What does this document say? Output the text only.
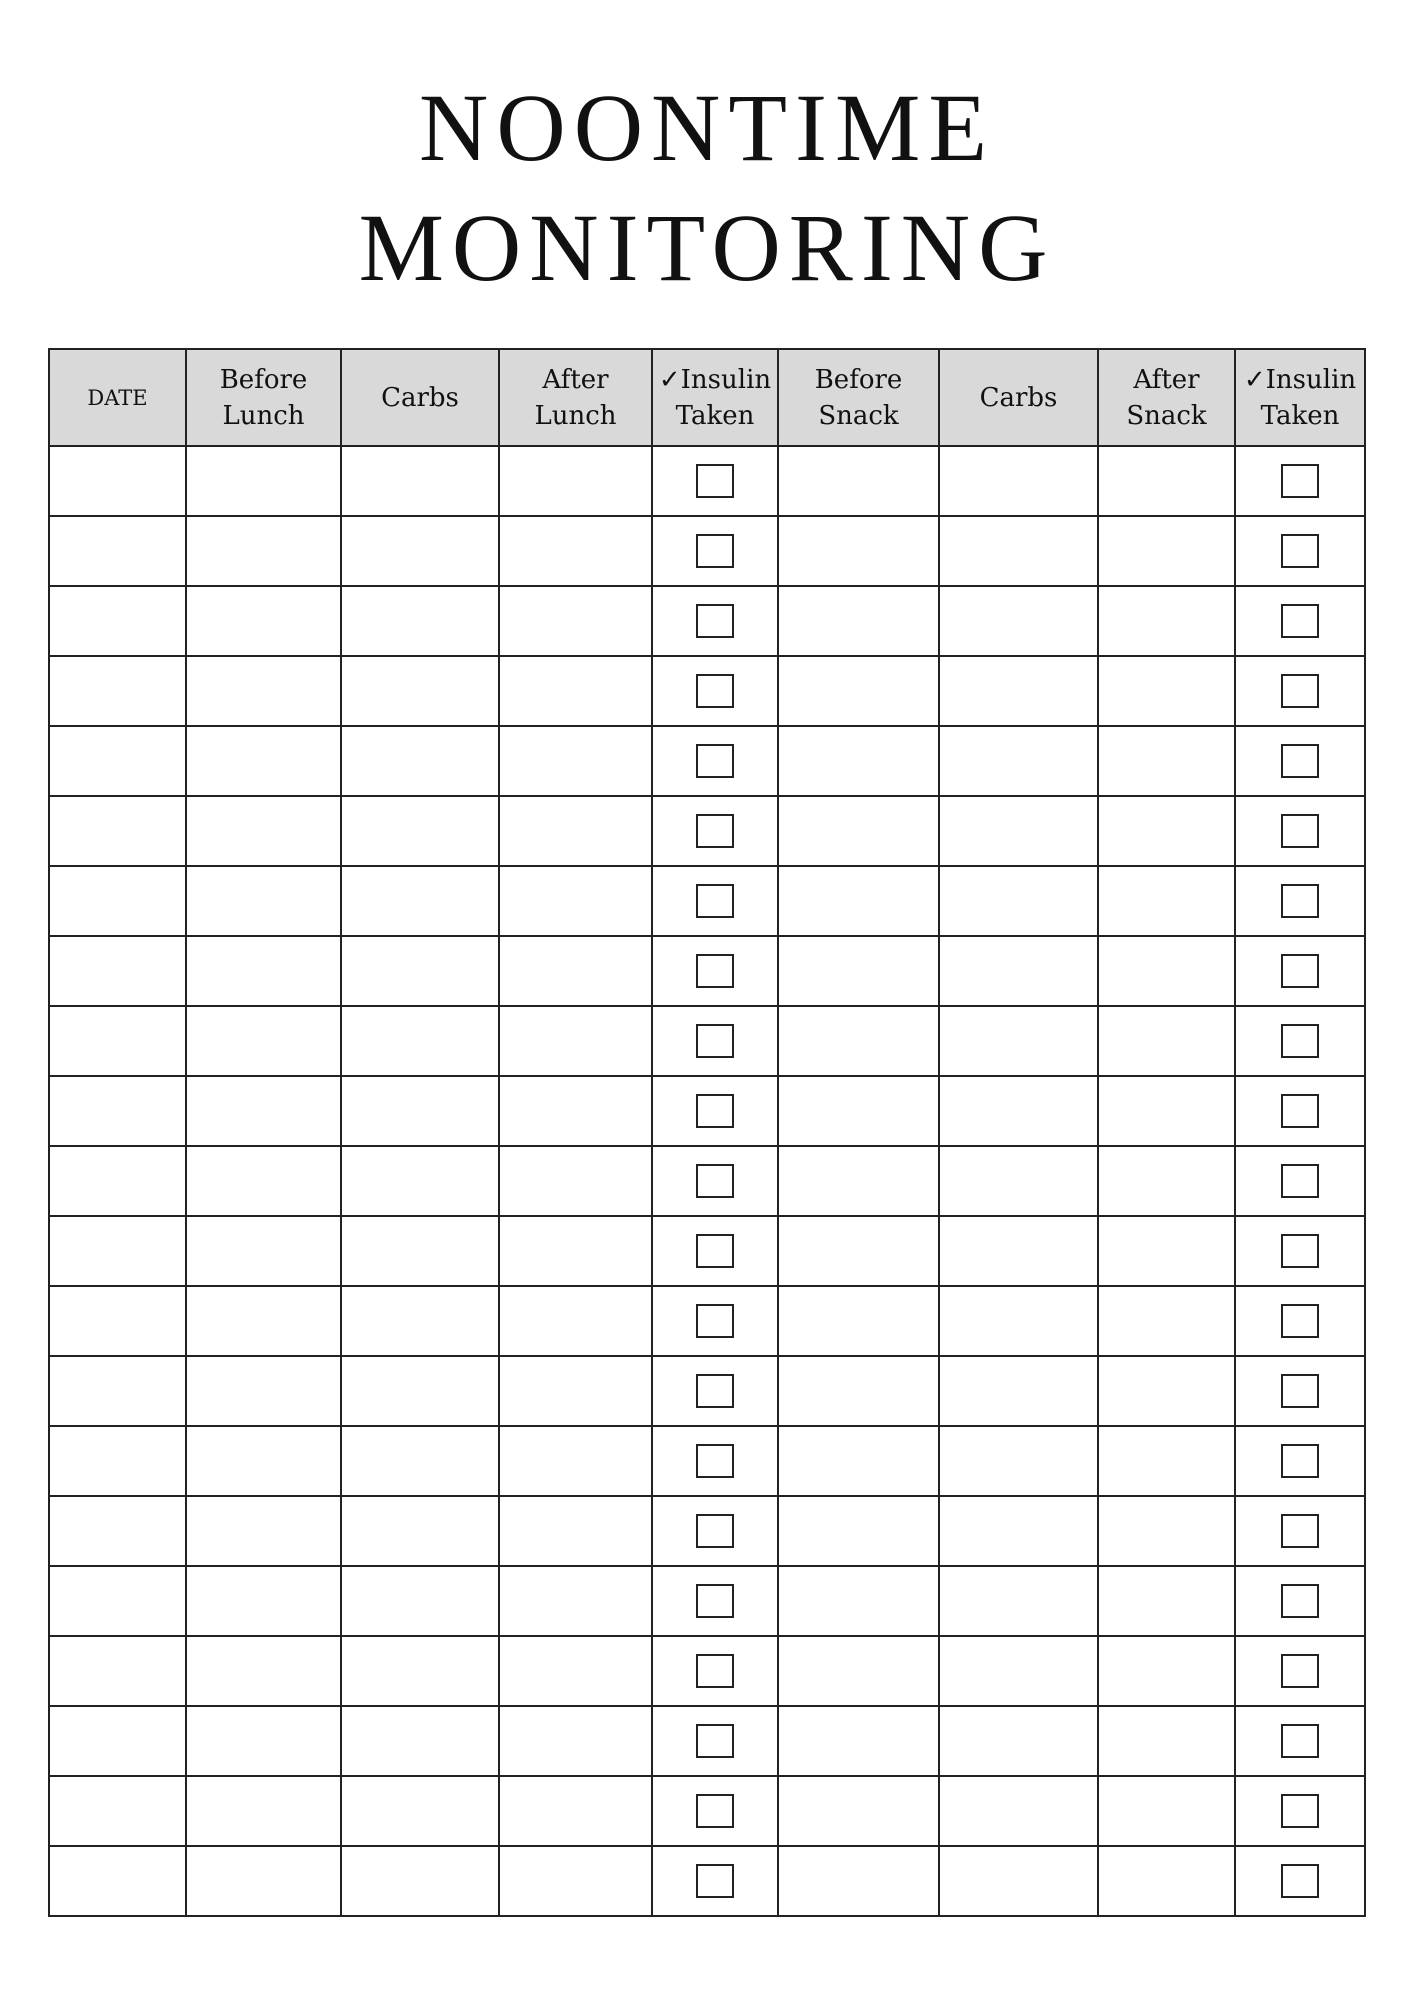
NOONTIME
MONITORING
DATE	Before Lunch	Carbs	After Lunch	✓Insulin Taken	Before Snack	Carbs	After Snack	✓Insulin Taken
